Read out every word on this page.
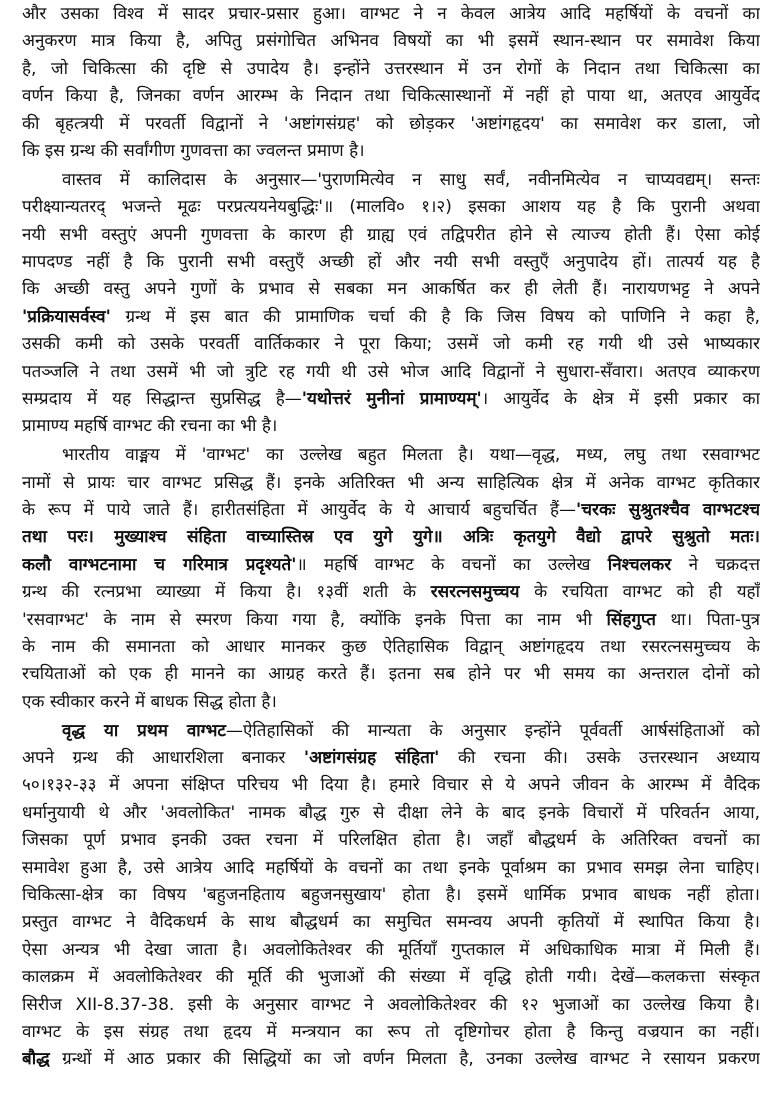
और उसका विश्व में सादर प्रचार-प्रसार हुआ। वाग्भट ने न केवल आत्रेय आदि महर्षियों के वचनों का
अनुकरण मात्र किया है, अपितु प्रसंगोचित अभिनव विषयों का भी इसमें स्थान-स्थान पर समावेश किया
है, जो चिकित्सा की दृष्टि से उपादेय है। इन्होंने उत्तरस्थान में उन रोगों के निदान तथा चिकित्सा का
वर्णन किया है, जिनका वर्णन आरम्भ के निदान तथा चिकित्सास्थानों में नहीं हो पाया था, अतएव आयुर्वेद
की बृहत्त्रयी में परवर्ती विद्वानों ने 'अष्टांगसंग्रह' को छोड़कर 'अष्टांगहृदय' का समावेश कर डाला, जो
कि इस ग्रन्थ की सर्वांगीण गुणवत्ता का ज्वलन्त प्रमाण है।
वास्तव में कालिदास के अनुसार—'पुराणमित्येव न साधु सर्वं, नवीनमित्येव न चाप्यवद्यम्। सन्तः
परीक्ष्यान्यतरद् भजन्ते मूढः परप्रत्ययनेयबुद्धिः'॥ (मालवि० १।२) इसका आशय यह है कि पुरानी अथवा
नयी सभी वस्तुएं अपनी गुणवत्ता के कारण ही ग्राह्य एवं तद्विपरीत होने से त्याज्य होती हैं। ऐसा कोई
मापदण्ड नहीं है कि पुरानी सभी वस्तुएँ अच्छी हों और नयी सभी वस्तुएँ अनुपादेय हों। तात्पर्य यह है
कि अच्छी वस्तु अपने गुणों के प्रभाव से सबका मन आकर्षित कर ही लेती हैं। नारायणभट्ट ने अपने
'प्रक्रियासर्वस्व' ग्रन्थ में इस बात की प्रामाणिक चर्चा की है कि जिस विषय को पाणिनि ने कहा है,
उसकी कमी को उसके परवर्ती वार्तिककार ने पूरा किया; उसमें जो कमी रह गयी थी उसे भाष्यकार
पतञ्जलि ने तथा उसमें भी जो त्रुटि रह गयी थी उसे भोज आदि विद्वानों ने सुधारा-सँवारा। अतएव व्याकरण
सम्प्रदाय में यह सिद्धान्त सुप्रसिद्ध है—'यथोत्तरं मुनीनां प्रामाण्यम्'। आयुर्वेद के क्षेत्र में इसी प्रकार का
प्रामाण्य महर्षि वाग्भट की रचना का भी है।
भारतीय वाङ्मय में 'वाग्भट' का उल्लेख बहुत मिलता है। यथा—वृद्ध, मध्य, लघु तथा रसवाग्भट
नामों से प्रायः चार वाग्भट प्रसिद्ध हैं। इनके अतिरिक्त भी अन्य साहित्यिक क्षेत्र में अनेक वाग्भट कृतिकार
के रूप में पाये जाते हैं। हारीतसंहिता में आयुर्वेद के ये आचार्य बहुचर्चित हैं—'चरकः सुश्रुतश्चैव वाग्भटश्च
तथा परः। मुख्याश्च संहिता वाच्यास्तिस्र एव युगे युगे॥ अत्रिः कृतयुगे वैद्यो द्वापरे सुश्रुतो मतः।
कलौ वाग्भटनामा च गरिमात्र प्रदृश्यते'॥ महर्षि वाग्भट के वचनों का उल्लेख निश्चलकर ने चक्रदत्त
ग्रन्थ की रत्नप्रभा व्याख्या में किया है। १३वीं शती के रसरत्नसमुच्चय के रचयिता वाग्भट को ही यहाँ
'रसवाग्भट' के नाम से स्मरण किया गया है, क्योंकि इनके पित्ता का नाम भी सिंहगुप्त था। पिता-पुत्र
के नाम की समानता को आधार मानकर कुछ ऐतिहासिक विद्वान् अष्टांगहृदय तथा रसरत्नसमुच्चय के
रचयिताओं को एक ही मानने का आग्रह करते हैं। इतना सब होने पर भी समय का अन्तराल दोनों को
एक स्वीकार करने में बाधक सिद्ध होता है।
वृद्ध या प्रथम वाग्भट—ऐतिहासिकों की मान्यता के अनुसार इन्होंने पूर्ववर्ती आर्षसंहिताओं को
अपने ग्रन्थ की आधारशिला बनाकर 'अष्टांगसंग्रह संहिता' की रचना की। उसके उत्तरस्थान अध्याय
५०।१३२-३३ में अपना संक्षिप्त परिचय भी दिया है। हमारे विचार से ये अपने जीवन के आरम्भ में वैदिक
धर्मानुयायी थे और 'अवलोकित' नामक बौद्ध गुरु से दीक्षा लेने के बाद इनके विचारों में परिवर्तन आया,
जिसका पूर्ण प्रभाव इनकी उक्त रचना में परिलक्षित होता है। जहाँ बौद्धधर्म के अतिरिक्त वचनों का
समावेश हुआ है, उसे आत्रेय आदि महर्षियों के वचनों का तथा इनके पूर्वाश्रम का प्रभाव समझ लेना चाहिए।
चिकित्सा-क्षेत्र का विषय 'बहुजनहिताय बहुजनसुखाय' होता है। इसमें धार्मिक प्रभाव बाधक नहीं होता।
प्रस्तुत वाग्भट ने वैदिकधर्म के साथ बौद्धधर्म का समुचित समन्वय अपनी कृतियों में स्थापित किया है।
ऐसा अन्यत्र भी देखा जाता है। अवलोकितेश्वर की मूर्तियाँ गुप्तकाल में अधिकाधिक मात्रा में मिली हैं।
कालक्रम में अवलोकितेश्वर की मूर्ति की भुजाओं की संख्या में वृद्धि होती गयी। देखें—कलकत्ता संस्कृत
सिरीज XII-8.37-38. इसी के अनुसार वाग्भट ने अवलोकितेश्वर की १२ भुजाओं का उल्लेख किया है।
वाग्भट के इस संग्रह तथा हृदय में मन्त्रयान का रूप तो दृष्टिगोचर होता है किन्तु वज्रयान का नहीं।
बौद्ध ग्रन्थों में आठ प्रकार की सिद्धियों का जो वर्णन मिलता है, उनका उल्लेख वाग्भट ने रसायन प्रकरण
